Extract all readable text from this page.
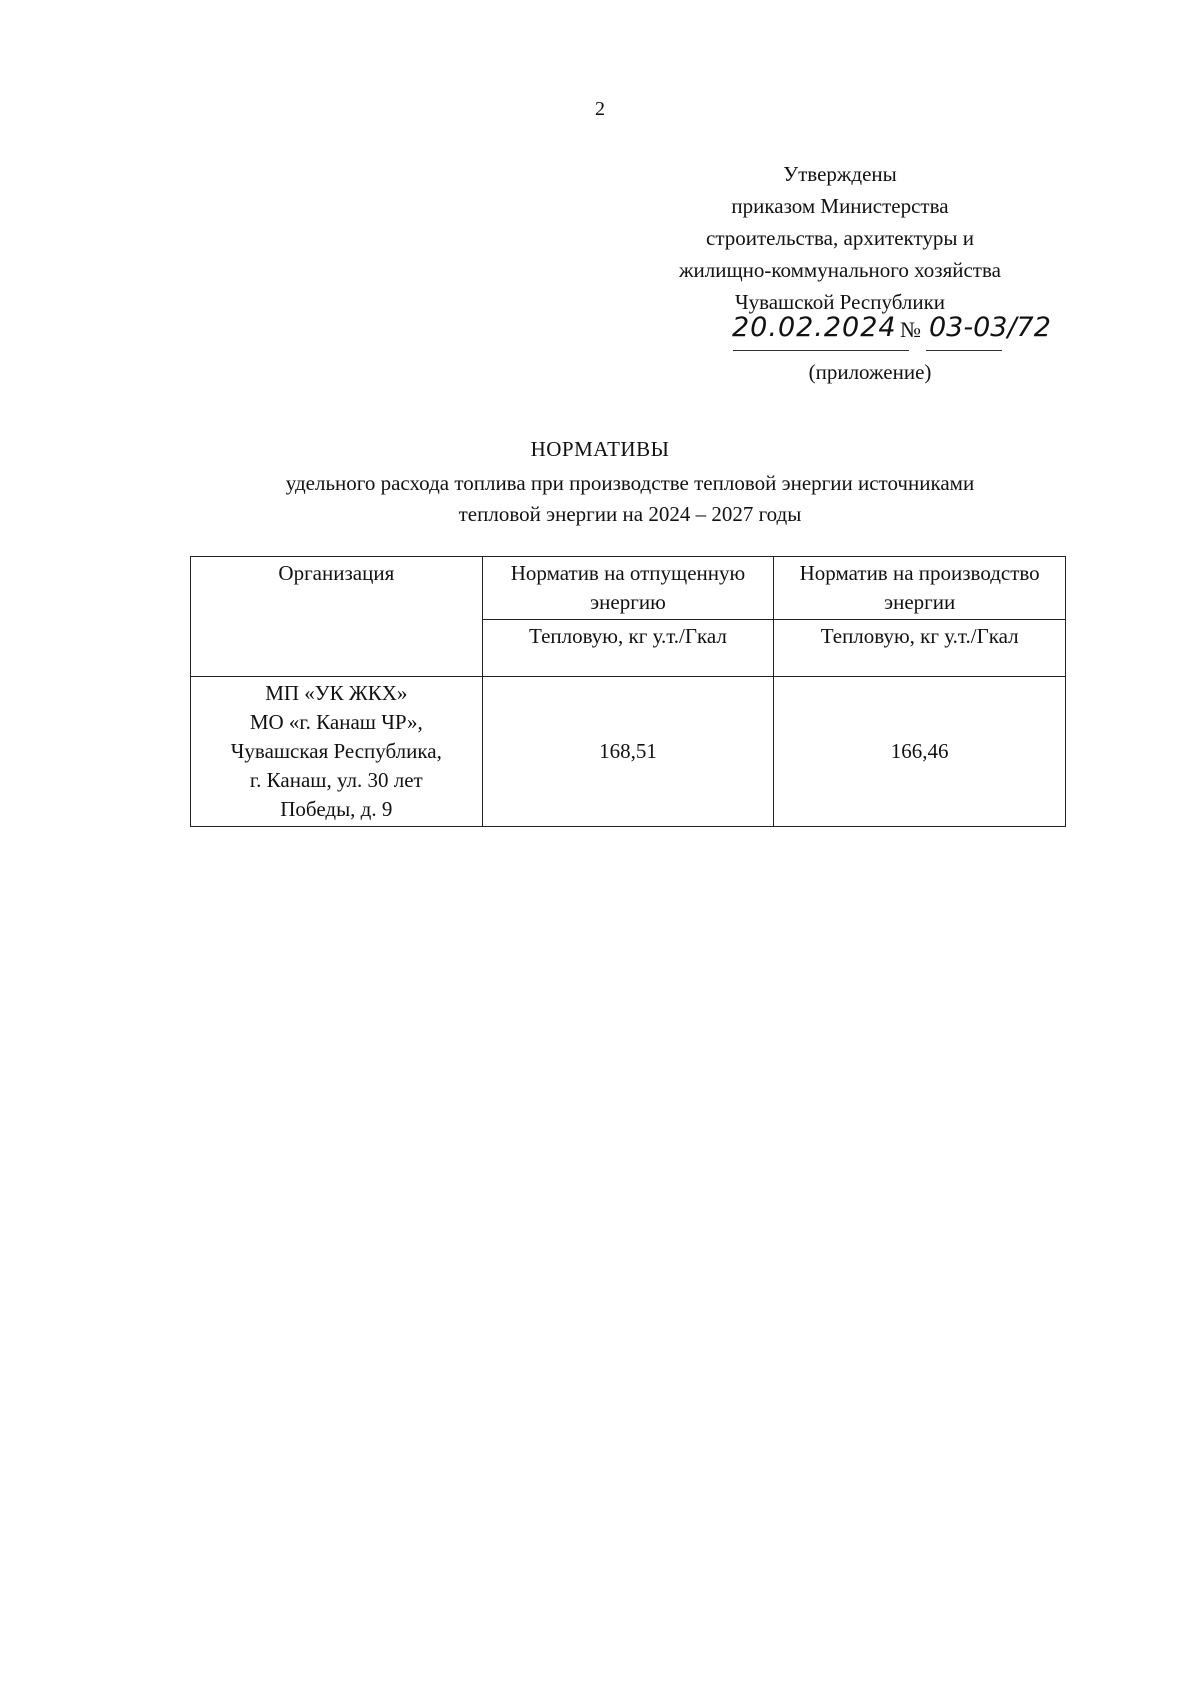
2
Утверждены
приказом Министерства
строительства, архитектуры и
жилищно-коммунального хозяйства
Чувашской Республики
20.02.2024 № 03-03/72
(приложение)
НОРМАТИВЫ
удельного расхода топлива при производстве тепловой энергии источниками
тепловой энергии на 2024 – 2027 годы
Организация	Норматив на отпущенную энергию	Норматив на производство энергии
	Тепловую, кг у.т./Гкал	Тепловую, кг у.т./Гкал
МП «УК ЖКХ»
МО «г. Канаш ЧР»,
Чувашская Республика,
г. Канаш, ул. 30 лет
Победы, д. 9	168,51	166,46
